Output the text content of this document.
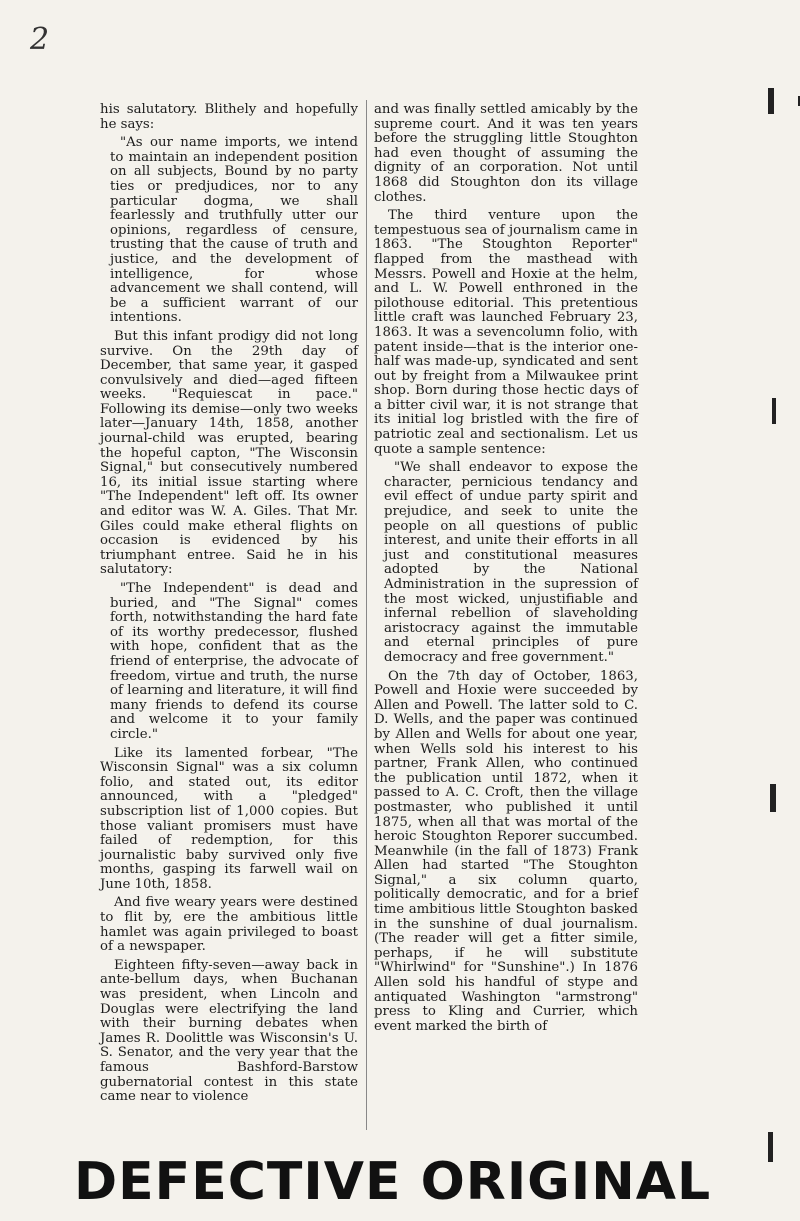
2

his salutatory. Blithely and hopefully he says:

"As our name imports, we intend to maintain an independent position on all subjects, Bound by no party ties or predjudices, nor to any particular dogma, we shall fearlessly and truthfully utter our opinions, regardless of censure, trusting that the cause of truth and justice, and the development of intelligence, for whose advancement we shall contend, will be a sufficient warrant of our intentions.

But this infant prodigy did not long survive. On the 29th day of December, that same year, it gasped convulsively and died—aged fifteen weeks. "Requiescat in pace." Following its demise—only two weeks later—January 14th, 1858, another journal-child was erupted, bearing the hopeful capton, "The Wisconsin Signal," but consecutively numbered 16, its initial issue starting where "The Independent" left off. Its owner and editor was W. A. Giles. That Mr. Giles could make etheral flights on occasion is evidenced by his triumphant entree. Said he in his salutatory:

"The Independent" is dead and buried, and "The Signal" comes forth, notwithstanding the hard fate of its worthy predecessor, flushed with hope, confident that as the friend of enterprise, the advocate of freedom, virtue and truth, the nurse of learning and literature, it will find many friends to defend its course and welcome it to your family circle."

Like its lamented forbear, "The Wisconsin Signal" was a six column folio, and stated out, its editor announced, with a "pledged" subscription list of 1,000 copies. But those valiant promisers must have failed of redemption, for this journalistic baby survived only five months, gasping its farwell wail on June 10th, 1858.

And five weary years were destined to flit by, ere the ambitious little hamlet was again privileged to boast of a newspaper.

Eighteen fifty-seven—away back in ante-bellum days, when Buchanan was president, when Lincoln and Douglas were electrifying the land with their burning debates when James R. Doolittle was Wisconsin's U. S. Senator, and the very year that the famous Bashford-Barstow gubernatorial contest in this state came near to violence

and was finally settled amicably by the supreme court. And it was ten years before the struggling little Stoughton had even thought of assuming the dignity of an corporation. Not until 1868 did Stoughton don its village clothes.

The third venture upon the tempestuous sea of journalism came in 1863. "The Stoughton Reporter" flapped from the masthead with Messrs. Powell and Hoxie at the helm, and L. W. Powell enthroned in the pilothouse editorial. This pretentious little craft was launched February 23, 1863. It was a sevencolumn folio, with patent inside—that is the interior one-half was made-up, syndicated and sent out by freight from a Milwaukee print shop. Born during those hectic days of a bitter civil war, it is not strange that its initial log bristled with the fire of patriotic zeal and sectionalism. Let us quote a sample sentence:

"We shall endeavor to expose the character, pernicious tendancy and evil effect of undue party spirit and prejudice, and seek to unite the people on all questions of public interest, and unite their efforts in all just and constitutional measures adopted by the National Administration in the supression of the most wicked, unjustifiable and infernal rebellion of slaveholding aristocracy against the immutable and eternal principles of pure democracy and free government."

On the 7th day of October, 1863, Powell and Hoxie were succeeded by Allen and Powell. The latter sold to C. D. Wells, and the paper was continued by Allen and Wells for about one year, when Wells sold his interest to his partner, Frank Allen, who continued the publication until 1872, when it passed to A. C. Croft, then the village postmaster, who published it until 1875, when all that was mortal of the heroic Stoughton Reporer succumbed. Meanwhile (in the fall of 1873) Frank Allen had started "The Stoughton Signal," a six column quarto, politically democratic, and for a brief time ambitious little Stoughton basked in the sunshine of dual journalism. (The reader will get a fitter simile, perhaps, if he will substitute "Whirlwind" for "Sunshine".) In 1876 Allen sold his handful of stype and antiquated Washington "armstrong" press to Kling and Currier, which event marked the birth of

DEFECTIVE ORIGINAL
